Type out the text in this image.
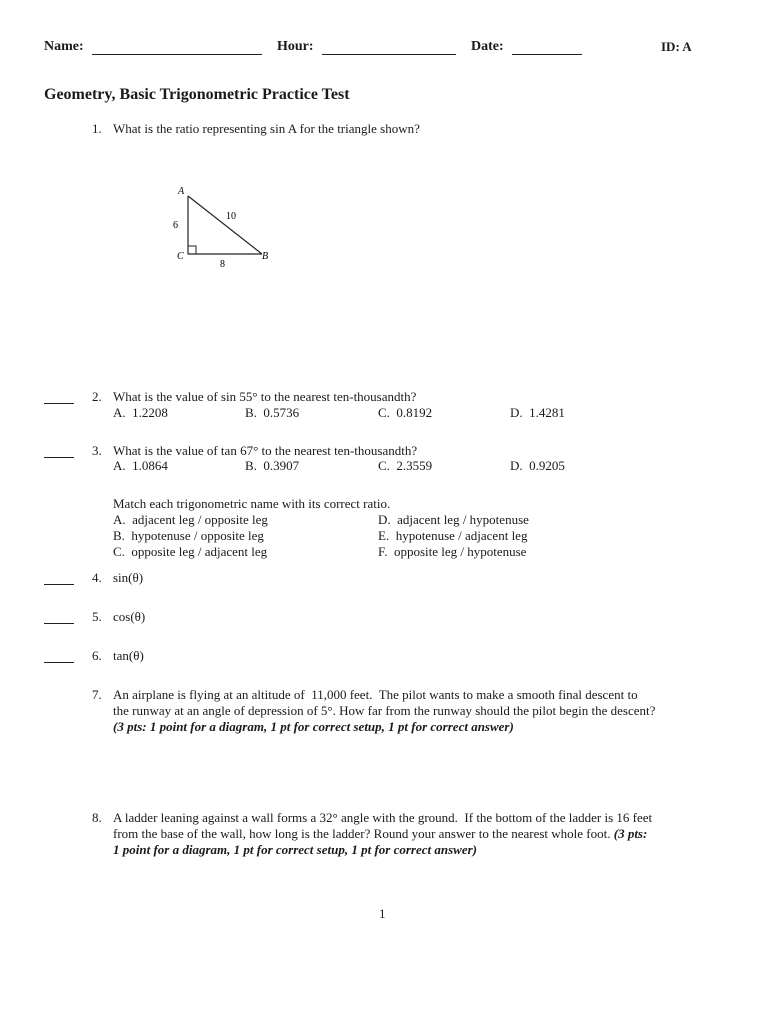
Name:	Hour:	Date:	ID: A
Geometry, Basic Trigonometric Practice Test
1. What is the ratio representing sin A for the triangle shown?
A
C	B
6
10
8
2. What is the value of sin 55° to the nearest ten-thousandth?
A.  1.2208	B.  0.5736	C.  0.8192	D.  1.4281
3. What is the value of tan 67° to the nearest ten-thousandth?
A.  1.0864	B.  0.3907	C.  2.3559	D.  0.9205
Match each trigonometric name with its correct ratio.
A.  adjacent leg / opposite leg
B.  hypotenuse / opposite leg
C.  opposite leg / adjacent leg
D.  adjacent leg / hypotenuse
E.  hypotenuse / adjacent leg
F.  opposite leg / hypotenuse
4. sin(θ)
5. cos(θ)
6. tan(θ)
7. An airplane is flying at an altitude of  11,000 feet.  The pilot wants to make a smooth final descent to
the runway at an angle of depression of 5°. How far from the runway should the pilot begin the descent?
(3 pts: 1 point for a diagram, 1 pt for correct setup, 1 pt for correct answer)
8. A ladder leaning against a wall forms a 32° angle with the ground.  If the bottom of the ladder is 16 feet
from the base of the wall, how long is the ladder? Round your answer to the nearest whole foot. (3 pts:
1 point for a diagram, 1 pt for correct setup, 1 pt for correct answer)
1
